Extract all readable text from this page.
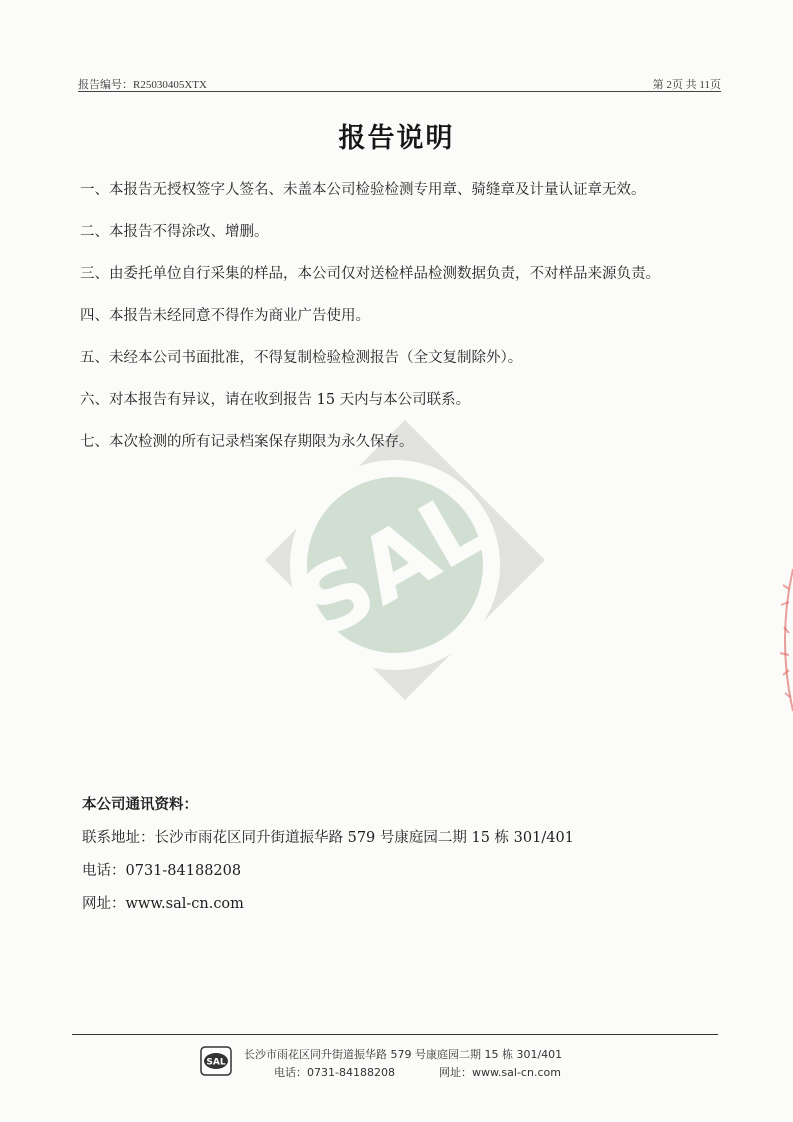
报告编号：R25030405XTX	第 2页 共 11页
SAL
报告说明
一、本报告无授权签字人签名、未盖本公司检验检测专用章、骑缝章及计量认证章无效。
二、本报告不得涂改、增删。
三、由委托单位自行采集的样品，本公司仅对送检样品检测数据负责，不对样品来源负责。
四、本报告未经同意不得作为商业广告使用。
五、未经本公司书面批准，不得复制检验检测报告（全文复制除外）。
六、对本报告有异议，请在收到报告 15 天内与本公司联系。
七、本次检测的所有记录档案保存期限为永久保存。
本公司通讯资料：
联系地址：长沙市雨花区同升街道振华路 579 号康庭园二期 15 栋 301/401
电话：0731-84188208
网址：www.sal-cn.com
SAL
长沙市雨花区同升街道振华路 579 号康庭园二期 15 栋 301/401
电话：0731-84188208	网址：www.sal-cn.com
